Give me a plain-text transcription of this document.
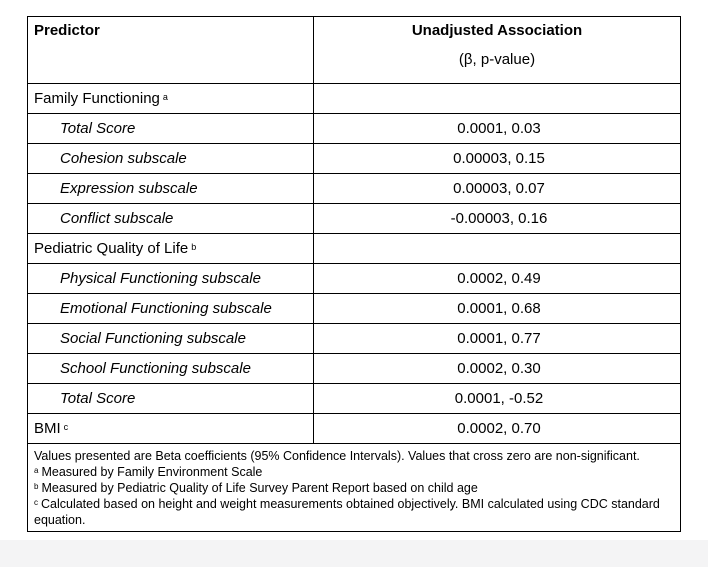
Predictor	Unadjusted Association
(β, p-value)

Family Functioning $^a$	
Total Score	0.0001, 0.03
Cohesion subscale	0.00003, 0.15
Expression subscale	0.00003, 0.07
Conflict subscale	-0.00003, 0.16
Pediatric Quality of Life $^b$	
Physical Functioning subscale	0.0002, 0.49
Emotional Functioning subscale	0.0001, 0.68
Social Functioning subscale	0.0001, 0.77
School Functioning subscale	0.0002, 0.30
Total Score	0.0001, -0.52
BMI $^c$	0.0002, 0.70

Values presented are Beta coefficients (95% Confidence Intervals). Values that cross zero are non-significant.
$^a$ Measured by Family Environment Scale
$^b$ Measured by Pediatric Quality of Life Survey Parent Report based on child age
$^c$ Calculated based on height and weight measurements obtained objectively. BMI calculated using CDC standard equation.	
